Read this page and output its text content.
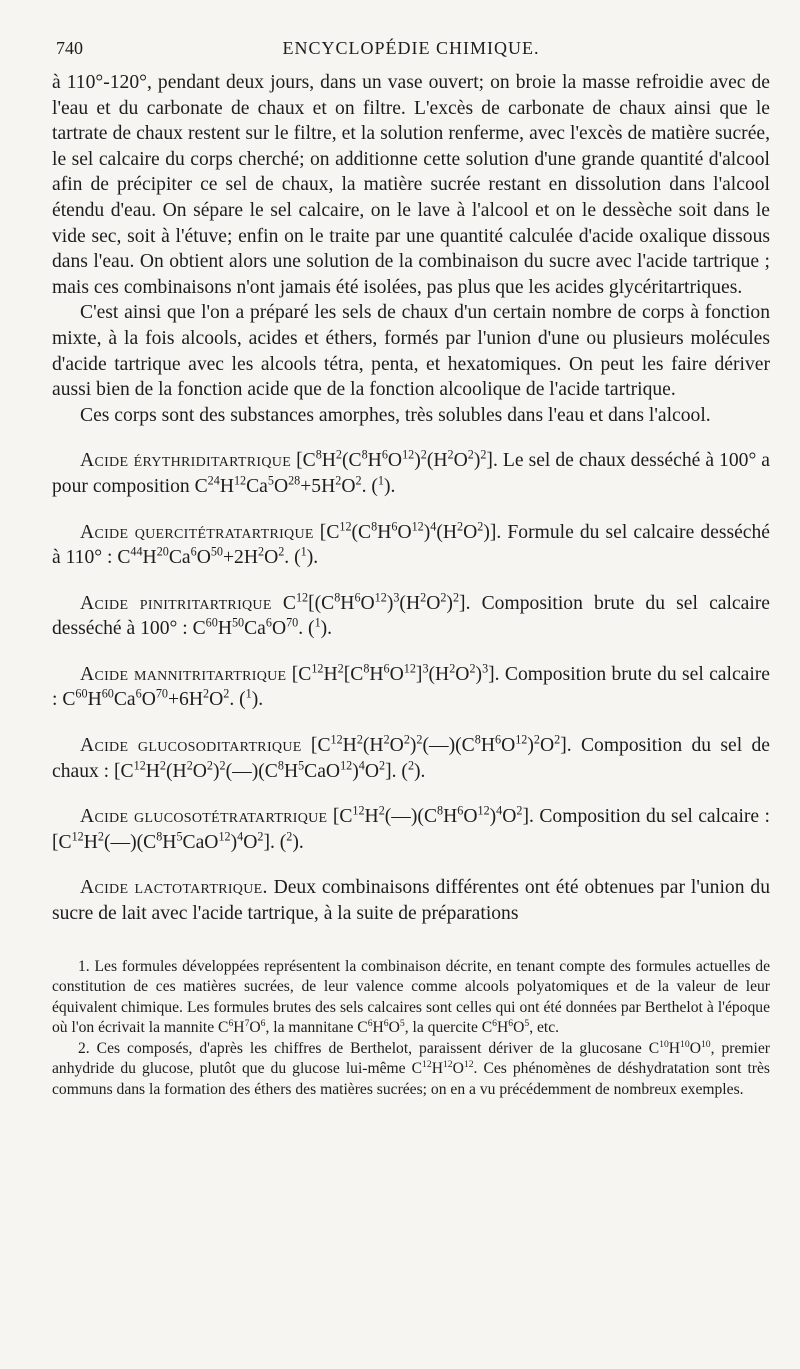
740	ENCYCLOPÉDIE CHIMIQUE.

à 110°-120°, pendant deux jours, dans un vase ouvert; on broie la masse refroidie avec de l'eau et du carbonate de chaux et on filtre. L'excès de carbonate de chaux ainsi que le tartrate de chaux restent sur le filtre, et la solution renferme, avec l'excès de matière sucrée, le sel calcaire du corps cherché; on additionne cette solution d'une grande quantité d'alcool afin de précipiter ce sel de chaux, la matière sucrée restant en dissolution dans l'alcool étendu d'eau. On sépare le sel calcaire, on le lave à l'alcool et on le dessèche soit dans le vide sec, soit à l'étuve; enfin on le traite par une quantité calculée d'acide oxalique dissous dans l'eau. On obtient alors une solution de la combinaison du sucre avec l'acide tartrique ; mais ces combinaisons n'ont jamais été isolées, pas plus que les acides glycéritartriques.

C'est ainsi que l'on a préparé les sels de chaux d'un certain nombre de corps à fonction mixte, à la fois alcools, acides et éthers, formés par l'union d'une ou plusieurs molécules d'acide tartrique avec les alcools tétra, penta, et hexatomiques. On peut les faire dériver aussi bien de la fonction acide que de la fonction alcoolique de l'acide tartrique.

Ces corps sont des substances amorphes, très solubles dans l'eau et dans l'alcool.

Acide érythriditartrique $[C^8H^2(C^8H^6O^{12})^2(H^2O^2)^2]$. Le sel de chaux desséché à 100° a pour composition $C^{24}H^{12}Ca^5O^{28}+5H^2O^2$. ($^1$).

Acide quercitétratartrique $[C^{12}(C^8H^6O^{12})^4(H^2O^2)]$. Formule du sel calcaire desséché à 110° : $C^{44}H^{20}Ca^6O^{50}+2H^2O^2$. ($^1$).

Acide pinitritartrique $C^{12}[(C^8H^6O^{12})^3(H^2O^2)^2]$. Composition brute du sel calcaire desséché à 100° : $C^{60}H^{50}Ca^6O^{70}$. ($^1$).

Acide mannitritartrique $[C^{12}H^2[C^8H^6O^{12}]^3(H^2O^2)^3]$. Composition brute du sel calcaire : $C^{60}H^{60}Ca^6O^{70}+6H^2O^2$. ($^1$).

Acide glucosoditartrique $[C^{12}H^2(H^2O^2)^2(—)(C^8H^6O^{12})^2O^2]$. Composition du sel de chaux : $[C^{12}H^2(H^2O^2)^2(—)(C^8H^5CaO^{12})^4O^2]$. ($^2$).

Acide glucosotétratartrique $[C^{12}H^2(—)(C^8H^6O^{12})^4O^2]$. Composition du sel calcaire : $[C^{12}H^2(—)(C^8H^5CaO^{12})^4O^2]$. ($^2$).

Acide lactotartrique. Deux combinaisons différentes ont été obtenues par l'union du sucre de lait avec l'acide tartrique, à la suite de préparations

1. Les formules développées représentent la combinaison décrite, en tenant compte des formules actuelles de constitution de ces matières sucrées, de leur valence comme alcools polyatomiques et de la valeur de leur équivalent chimique. Les formules brutes des sels calcaires sont celles qui ont été données par Berthelot à l'époque où l'on écrivait la mannite $C^6H^7O^6$, la mannitane $C^6H^6O^5$, la quercite $C^6H^6O^5$, etc.

2. Ces composés, d'après les chiffres de Berthelot, paraissent dériver de la glucosane $C^{10}H^{10}O^{10}$, premier anhydride du glucose, plutôt que du glucose lui-même $C^{12}H^{12}O^{12}$. Ces phénomènes de déshydratation sont très communs dans la formation des éthers des matières sucrées; on en a vu précédemment de nombreux exemples.
